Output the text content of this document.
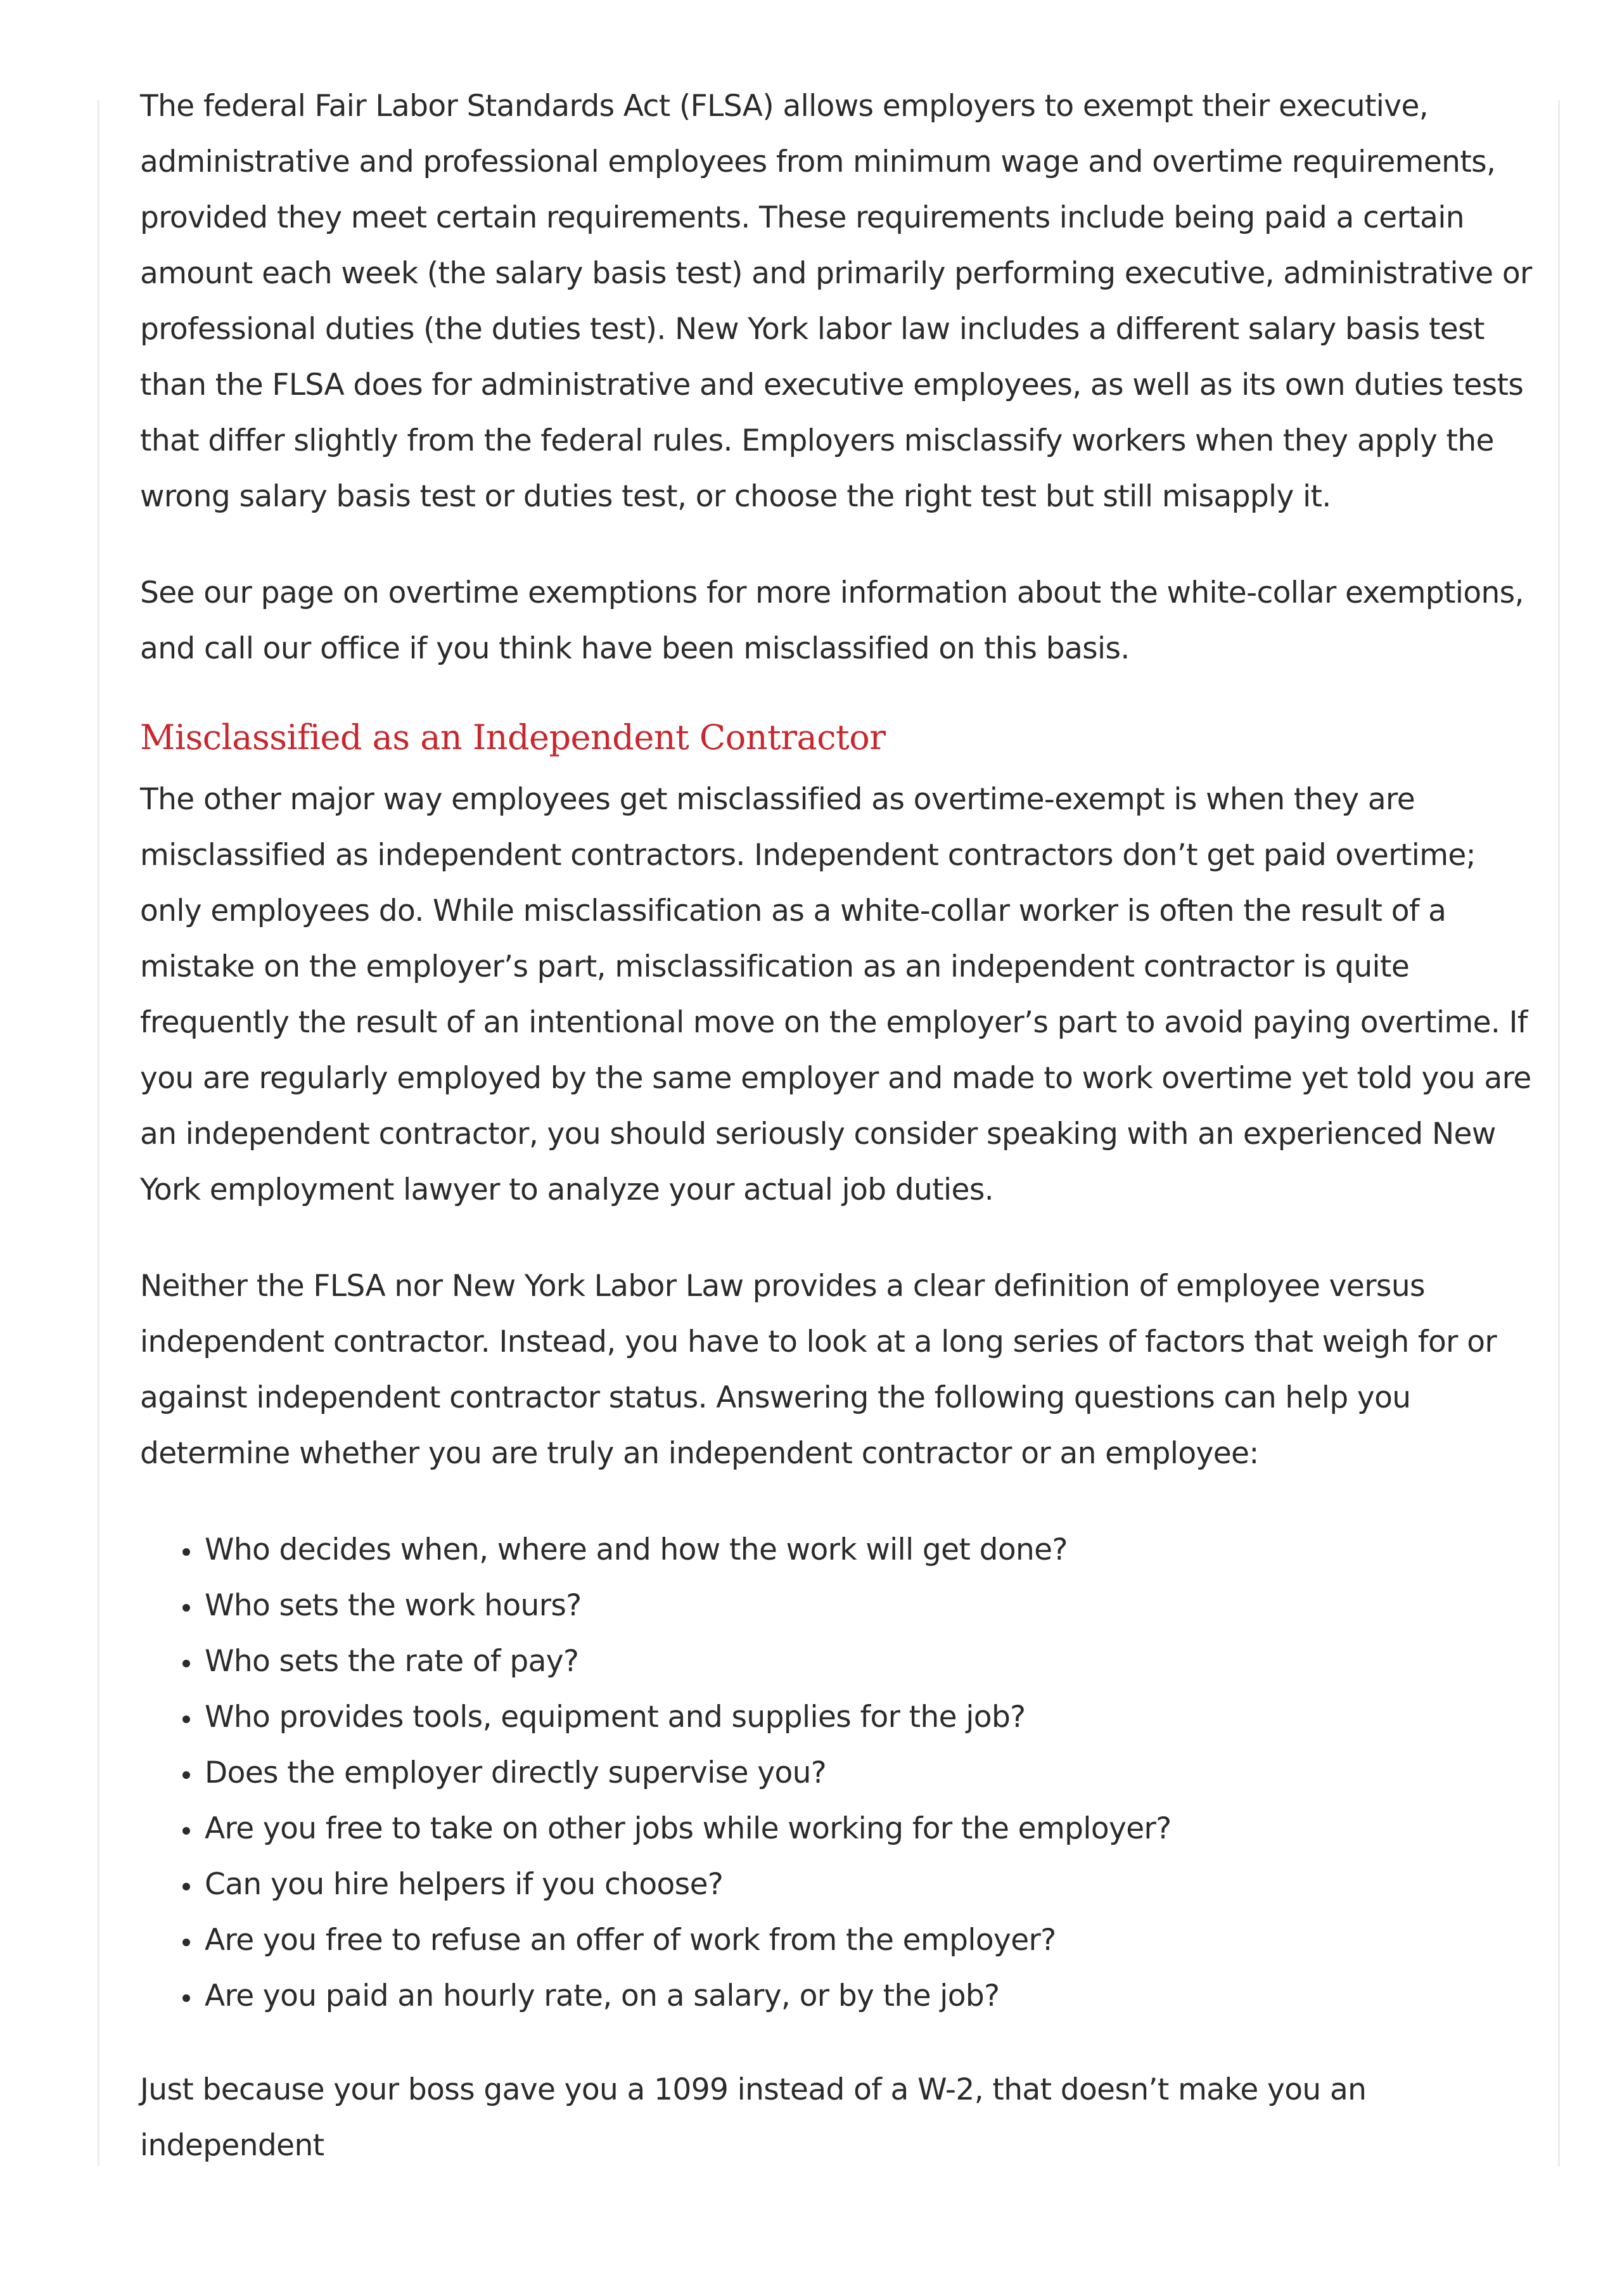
The federal Fair Labor Standards Act (FLSA) allows employers to exempt their executive, administrative and professional employees from minimum wage and overtime requirements, provided they meet certain requirements. These requirements include being paid a certain amount each week (the salary basis test) and primarily performing executive, administrative or professional duties (the duties test). New York labor law includes a different salary basis test than the FLSA does for administrative and executive employees, as well as its own duties tests that differ slightly from the federal rules. Employers misclassify workers when they apply the wrong salary basis test or duties test, or choose the right test but still misapply it.

See our page on overtime exemptions for more information about the white-collar exemptions, and call our office if you think have been misclassified on this basis.

Misclassified as an Independent Contractor

The other major way employees get misclassified as overtime-exempt is when they are misclassified as independent contractors. Independent contractors don’t get paid overtime; only employees do. While misclassification as a white-collar worker is often the result of a mistake on the employer’s part, misclassification as an independent contractor is quite frequently the result of an intentional move on the employer’s part to avoid paying overtime. If you are regularly employed by the same employer and made to work overtime yet told you are an independent contractor, you should seriously consider speaking with an experienced New York employment lawyer to analyze your actual job duties.

Neither the FLSA nor New York Labor Law provides a clear definition of employee versus independent contractor. Instead, you have to look at a long series of factors that weigh for or against independent contractor status. Answering the following questions can help you determine whether you are truly an independent contractor or an employee:

• Who decides when, where and how the work will get done?
• Who sets the work hours?
• Who sets the rate of pay?
• Who provides tools, equipment and supplies for the job?
• Does the employer directly supervise you?
• Are you free to take on other jobs while working for the employer?
• Can you hire helpers if you choose?
• Are you free to refuse an offer of work from the employer?
• Are you paid an hourly rate, on a salary, or by the job?

Just because your boss gave you a 1099 instead of a W-2, that doesn’t make you an independent
